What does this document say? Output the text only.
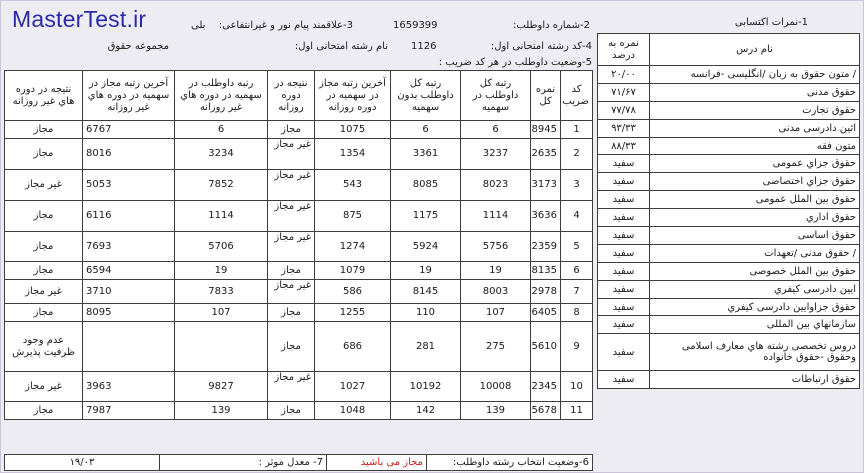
MasterTest.ir	2-شماره داوطلب:
1659399
3-علاقمند پیام نور و غیرانتفاعی:
بلی
4-کد رشته امتحانی اول:
1126
نام رشته امتحانی اول:
مجموعه حقوق
5-وضعیت داوطلب در هر کد ضریب :
1-نمرات اکتسابی
نام درس	نمره به درصد
/ متون حقوق به زبان /انگلیسی -فرانسه	۲۰/۰۰
حقوق مدنی	۷۱/۶۷
حقوق تجارت	۷۷/۷۸
ائین دادرسی مدنی	۹۳/۳۳
متون فقه	۸۸/۳۳
حقوق جزاي عمومی	سفید
حقوق جزاي اختصاصی	سفید
حقوق بین الملل عمومی	سفید
حقوق اداري	سفید
حقوق اساسی	سفید
/ حقوق مدنی /تعهدات	سفید
حقوق بین الملل خصوصی	سفید
ایین دادرسی کیفري	سفید
حقوق جزاوایین دادرسی کیفري	سفید
سازمانهاي بین المللی	سفید
دروس تخصصی رشته هاي معارف اسلامی وحقوق -حقوق خانواده	سفید
حقوق ارتباطات	سفید
کد ضریب	نمره کل	رتبه کل داوطلب در سهمیه	رتبه کل داوطلب بدون سهمیه	آخرین رتبه مجاز در سهمیه در دوره روزانه	نتیجه در دوره روزانه	رتبه داوطلب در سهمیه در دوره هاي غیر روزانه	آخرین رتبه مجاز در سهمیه در دوره هاي غیر روزانه	نتیجه در دوره هاي غیر روزانه
1	8945	6	6	1075	مجاز	6	6767	مجاز
2	2635	3237	3361	1354	غیر مجاز	3234	8016	مجاز
3	3173	8023	8085	543	غیر مجاز	7852	5053	غیر مجاز
4	3636	1114	1175	875	غیر مجاز	1114	6116	مجاز
5	2359	5756	5924	1274	غیر مجاز	5706	7693	مجاز
6	8135	19	19	1079	مجاز	19	6594	مجاز
7	2978	8003	8145	586	غیر مجاز	7833	3710	غیر مجاز
8	6405	107	110	1255	مجاز	107	8095	مجاز
9	5610	275	281	686	مجاز			عدم وجود ظرفیت پذیرش
10	2345	10008	10192	1027	غیر مجاز	9827	3963	غیر مجاز
11	5678	139	142	1048	مجاز	139	7987	مجاز
6-وضعیت انتخاب رشته داوطلب:	مجاز می باشید	7- معدل موثر :	۱۹/۰۳
